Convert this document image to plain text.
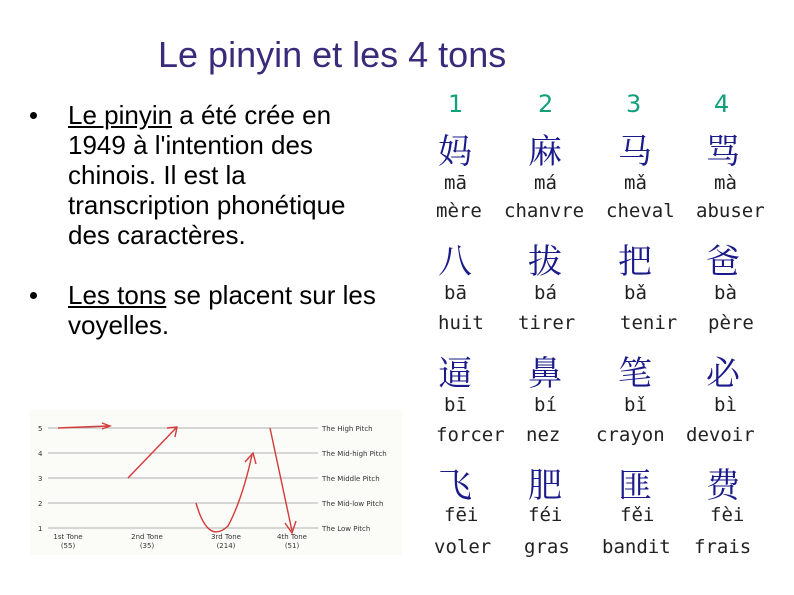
Le pinyin et les 4 tons
Le pinyin a été crée en 1949 à l'intention des chinois. Il est la transcription phonétique des caractères.
Les tons se placent sur les voyelles.
5
4
3
2
1
The High Pitch
The Mid-high Pitch
The Middle Pitch
The Mid-low Pitch
The Low Pitch
1st Tone
(55)
2nd Tone
(35)
3rd Tone
(214)
4th Tone
(51)
1	2	3	4
妈 麻 马 骂
mā	má	mǎ	mà
mère chanvre cheval abuser
八 拔 把 爸
bā	bá	bǎ	bà
huit tirer tenir père
逼 鼻 笔 必
bī	bí	bǐ	bì
forcer nez crayon devoir
飞 肥 匪 费
fēi	féi	fěi	fèi
voler gras bandit frais
